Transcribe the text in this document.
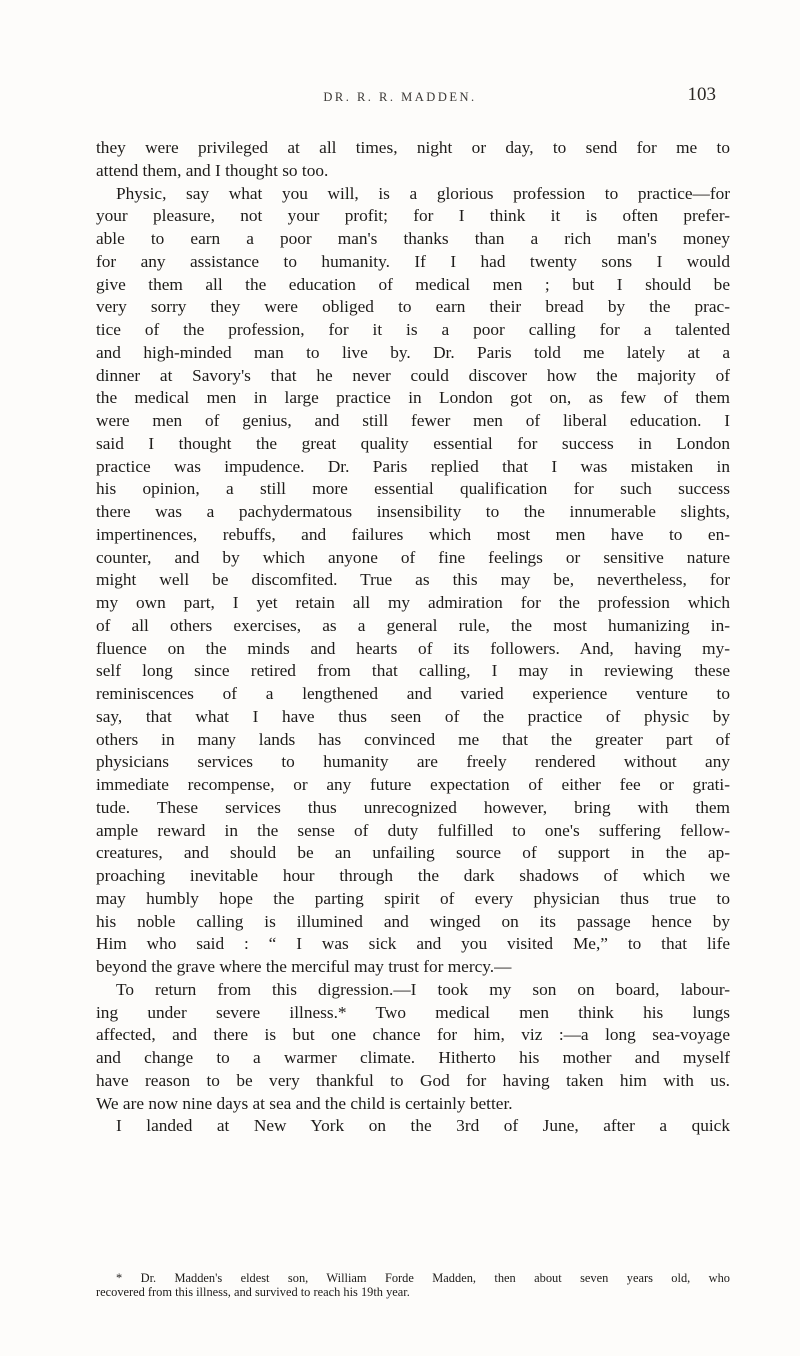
DR. R. R. MADDEN.	103
they were privileged at all times, night or day, to send for me to
attend them, and I thought so too.
Physic, say what you will, is a glorious profession to practice—for
your pleasure, not your profit; for I think it is often prefer-
able to earn a poor man's thanks than a rich man's money
for any assistance to humanity. If I had twenty sons I would
give them all the education of medical men ; but I should be
very sorry they were obliged to earn their bread by the prac-
tice of the profession, for it is a poor calling for a talented
and high-minded man to live by. Dr. Paris told me lately at a
dinner at Savory's that he never could discover how the majority of
the medical men in large practice in London got on, as few of them
were men of genius, and still fewer men of liberal education. I
said I thought the great quality essential for success in London
practice was impudence. Dr. Paris replied that I was mistaken in
his opinion, a still more essential qualification for such success
there was a pachydermatous insensibility to the innumerable slights,
impertinences, rebuffs, and failures which most men have to en-
counter, and by which anyone of fine feelings or sensitive nature
might well be discomfited. True as this may be, nevertheless, for
my own part, I yet retain all my admiration for the profession which
of all others exercises, as a general rule, the most humanizing in-
fluence on the minds and hearts of its followers. And, having my-
self long since retired from that calling, I may in reviewing these
reminiscences of a lengthened and varied experience venture to
say, that what I have thus seen of the practice of physic by
others in many lands has convinced me that the greater part of
physicians services to humanity are freely rendered without any
immediate recompense, or any future expectation of either fee or grati-
tude. These services thus unrecognized however, bring with them
ample reward in the sense of duty fulfilled to one's suffering fellow-
creatures, and should be an unfailing source of support in the ap-
proaching inevitable hour through the dark shadows of which we
may humbly hope the parting spirit of every physician thus true to
his noble calling is illumined and winged on its passage hence by
Him who said : “ I was sick and you visited Me,” to that life
beyond the grave where the merciful may trust for mercy.—
To return from this digression.—I took my son on board, labour-
ing under severe illness.* Two medical men think his lungs
affected, and there is but one chance for him, viz :—a long sea-voyage
and change to a warmer climate. Hitherto his mother and myself
have reason to be very thankful to God for having taken him with us.
We are now nine days at sea and the child is certainly better.
I landed at New York on the 3rd of June, after a quick
* Dr. Madden's eldest son, William Forde Madden, then about seven years old, who
recovered from this illness, and survived to reach his 19th year.
